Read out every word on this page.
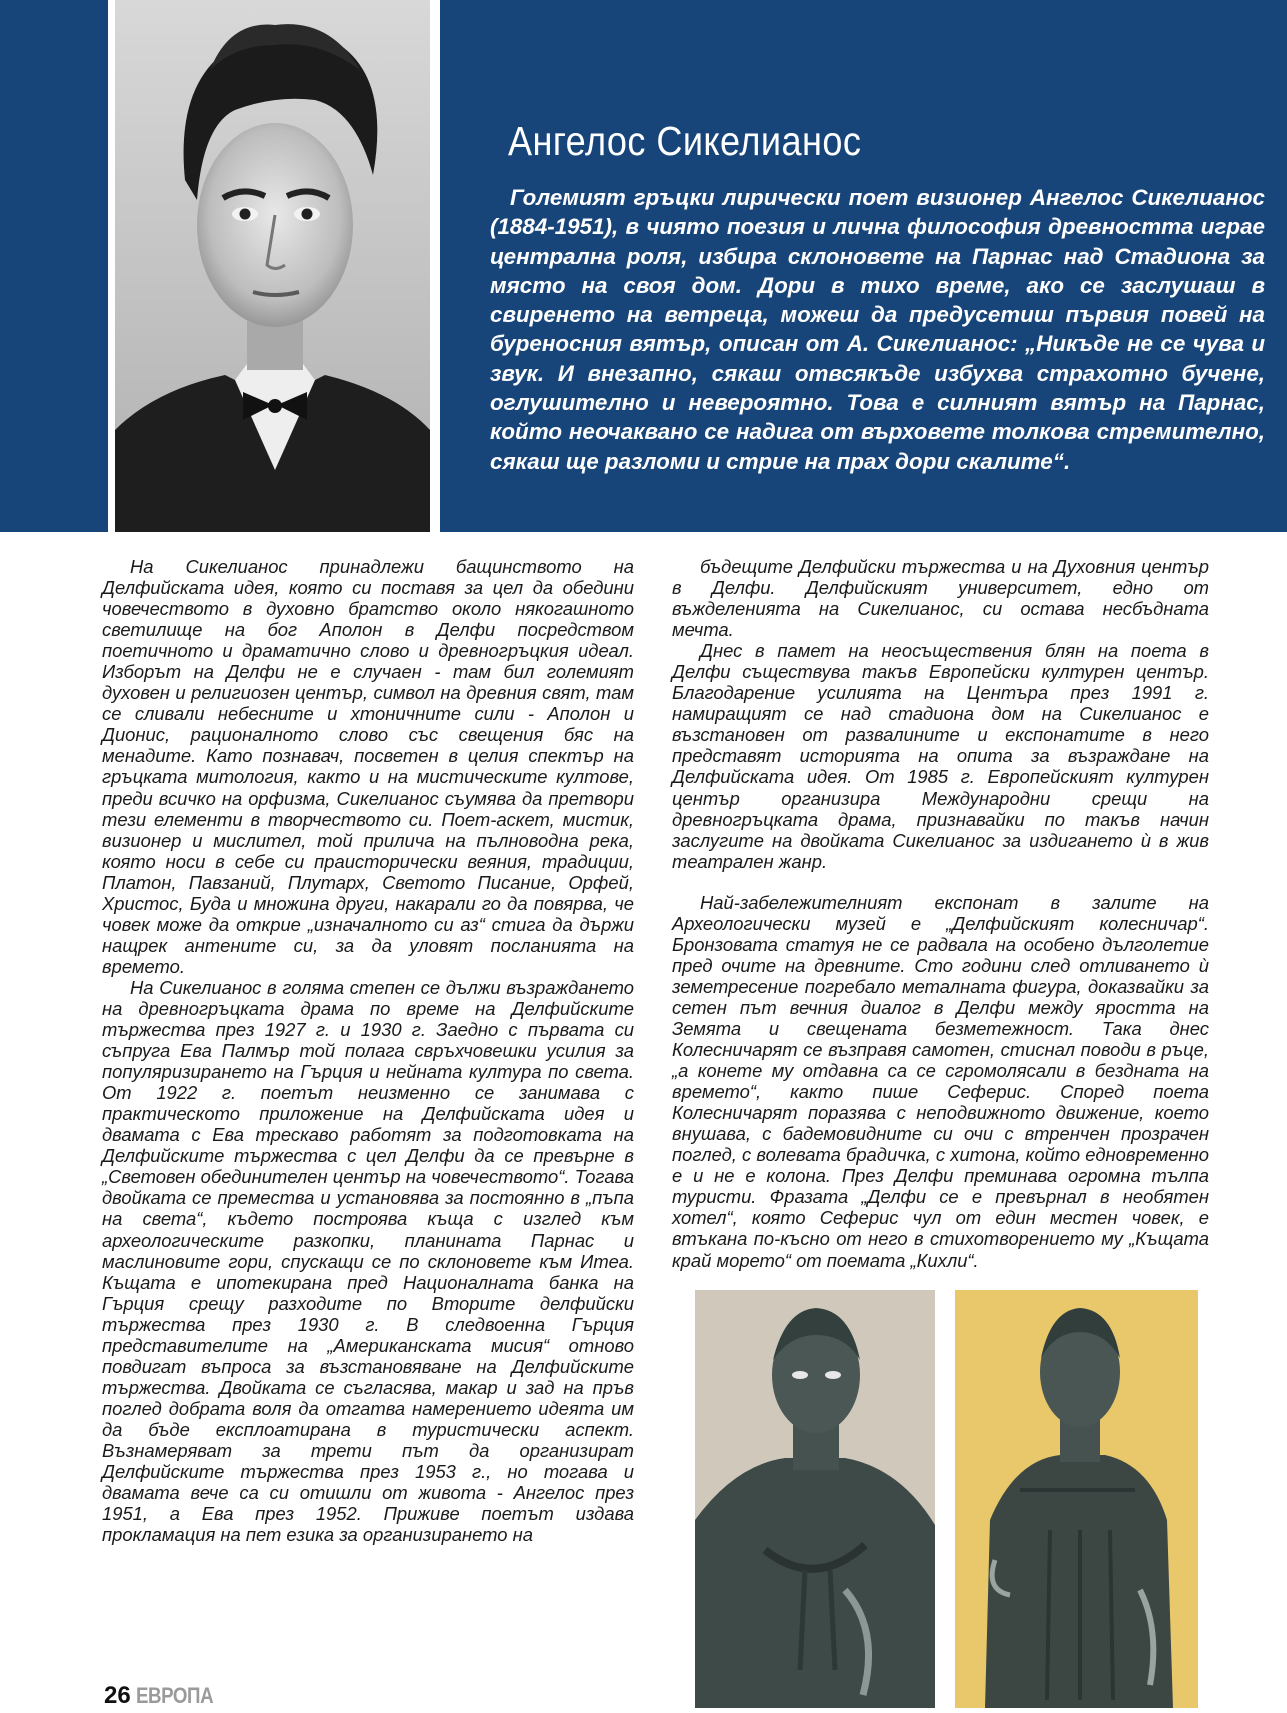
Ангелос Сикелианос

Големият гръцки лирически поет визионер Ангелос Сикелианос (1884-1951), в чиято поезия и лична философия древността играе централна роля, избира склоновете на Парнас над Стадиона за място на своя дом. Дори в тихо време, ако се заслушаш в свиренето на ветреца, можеш да предусетиш първия повей на буреносния вятър, описан от А. Сикелианос: „Никъде не се чува и звук. И внезапно, сякаш отвсякъде избухва страхотно бучене, оглушително и невероятно. Това е силният вятър на Парнас, който неочаквано се надига от върховете толкова стремително, сякаш ще разломи и стрие на прах дори скалите“.

На Сикелианос принадлежи бащинството на Делфийската идея, която си поставя за цел да обедини човечеството в духовно братство около някогашното светилище на бог Аполон в Делфи посредством поетичното и драматично слово и древногръцкия идеал. Изборът на Делфи не е случаен - там бил големият духовен и религиозен център, символ на древния свят, там се сливали небесните и хтоничните сили - Аполон и Дионис, рационалното слово със свещения бяс на менадите. Като познавач, посветен в целия спектър на гръцката митология, както и на мистическите култове, преди всичко на орфизма, Сикелианос съумява да претвори тези елементи в творчеството си. Поет-аскет, мистик, визионер и мислител, той прилича на пълноводна река, която носи в себе си праисторически веяния, традиции, Платон, Павзаний, Плутарх, Светото Писание, Орфей, Христос, Буда и множина други, накарали го да повярва, че човек може да открие „изначалното си аз“ стига да държи нащрек антените си, за да уловят посланията на времето.

На Сикелианос в голяма степен се дължи възраждането на древногръцката драма по време на Делфийските тържества през 1927 г. и 1930 г. Заедно с първата си съпруга Ева Палмър той полага свръхчовешки усилия за популяризирането на Гърция и нейната култура по света. От 1922 г. поетът неизменно се занимава с практическото приложение на Делфийската идея и двамата с Ева трескаво работят за подготовката на Делфийските тържества с цел Делфи да се превърне в „Световен обединителен център на човечеството“. Тогава двойката се премества и установява за постоянно в „пъпа на света“, където построява къща с изглед към археологическите разкопки, планината Парнас и маслиновите гори, спускащи се по склоновете към Итеа. Къщата е ипотекирана пред Националната банка на Гърция срещу разходите по Вторите делфийски тържества през 1930 г. В следвоенна Гърция представителите на „Американската мисия“ отново повдигат въпроса за възстановяване на Делфийските тържества. Двойката се съгласява, макар и зад на пръв поглед добрата воля да отгатва намерението идеята им да бъде експлоатирана в туристически аспект. Възнамеряват за трети път да организират Делфийските тържества през 1953 г., но тогава и двамата вече са си отишли от живота - Ангелос през 1951, а Ева през 1952. Приживе поетът издава прокламация на пет езика за организирането на

бъдещите Делфийски тържества и на Духовния център в Делфи. Делфийският университет, едно от въжделенията на Сикелианос, си остава несбъдната мечта.

Днес в памет на неосъществения блян на поета в Делфи съществува такъв Европейски културен център. Благодарение усилията на Центъра през 1991 г. намиращият се над стадиона дом на Сикелианос е възстановен от развалините и експонатите в него представят историята на опита за възраждане на Делфийската идея. От 1985 г. Европейският културен център организира Международни срещи на древногръцката драма, признавайки по такъв начин заслугите на двойката Сикелианос за издигането ѝ в жив театрален жанр.

Най-забележителният експонат в залите на Археологически музей е „Делфийският колесничар“. Бронзовата статуя не се радвала на особено дълголетие пред очите на древните. Сто години след отливането ѝ земетресение погребало металната фигура, доказвайки за сетен път вечния диалог в Делфи между яростта на Земята и свещената безметежност. Така днес Колесничарят се възправя самотен, стиснал поводи в ръце, „а конете му отдавна са се сгромолясали в бездната на времето“, както пише Сеферис. Според поета Колесничарят поразява с неподвижното движение, което внушава, с бадемовидните си очи с втренчен прозрачен поглед, с волевата брадичка, с хитона, който едновременно е и не е колона. През Делфи преминава огромна тълпа туристи. Фразата „Делфи се е превърнал в необятен хотел“, която Сеферис чул от един местен човек, е втъкана по-късно от него в стихотворението му „Къщата край морето“ от поемата „Кихли“.

26 ЕВРОПА
